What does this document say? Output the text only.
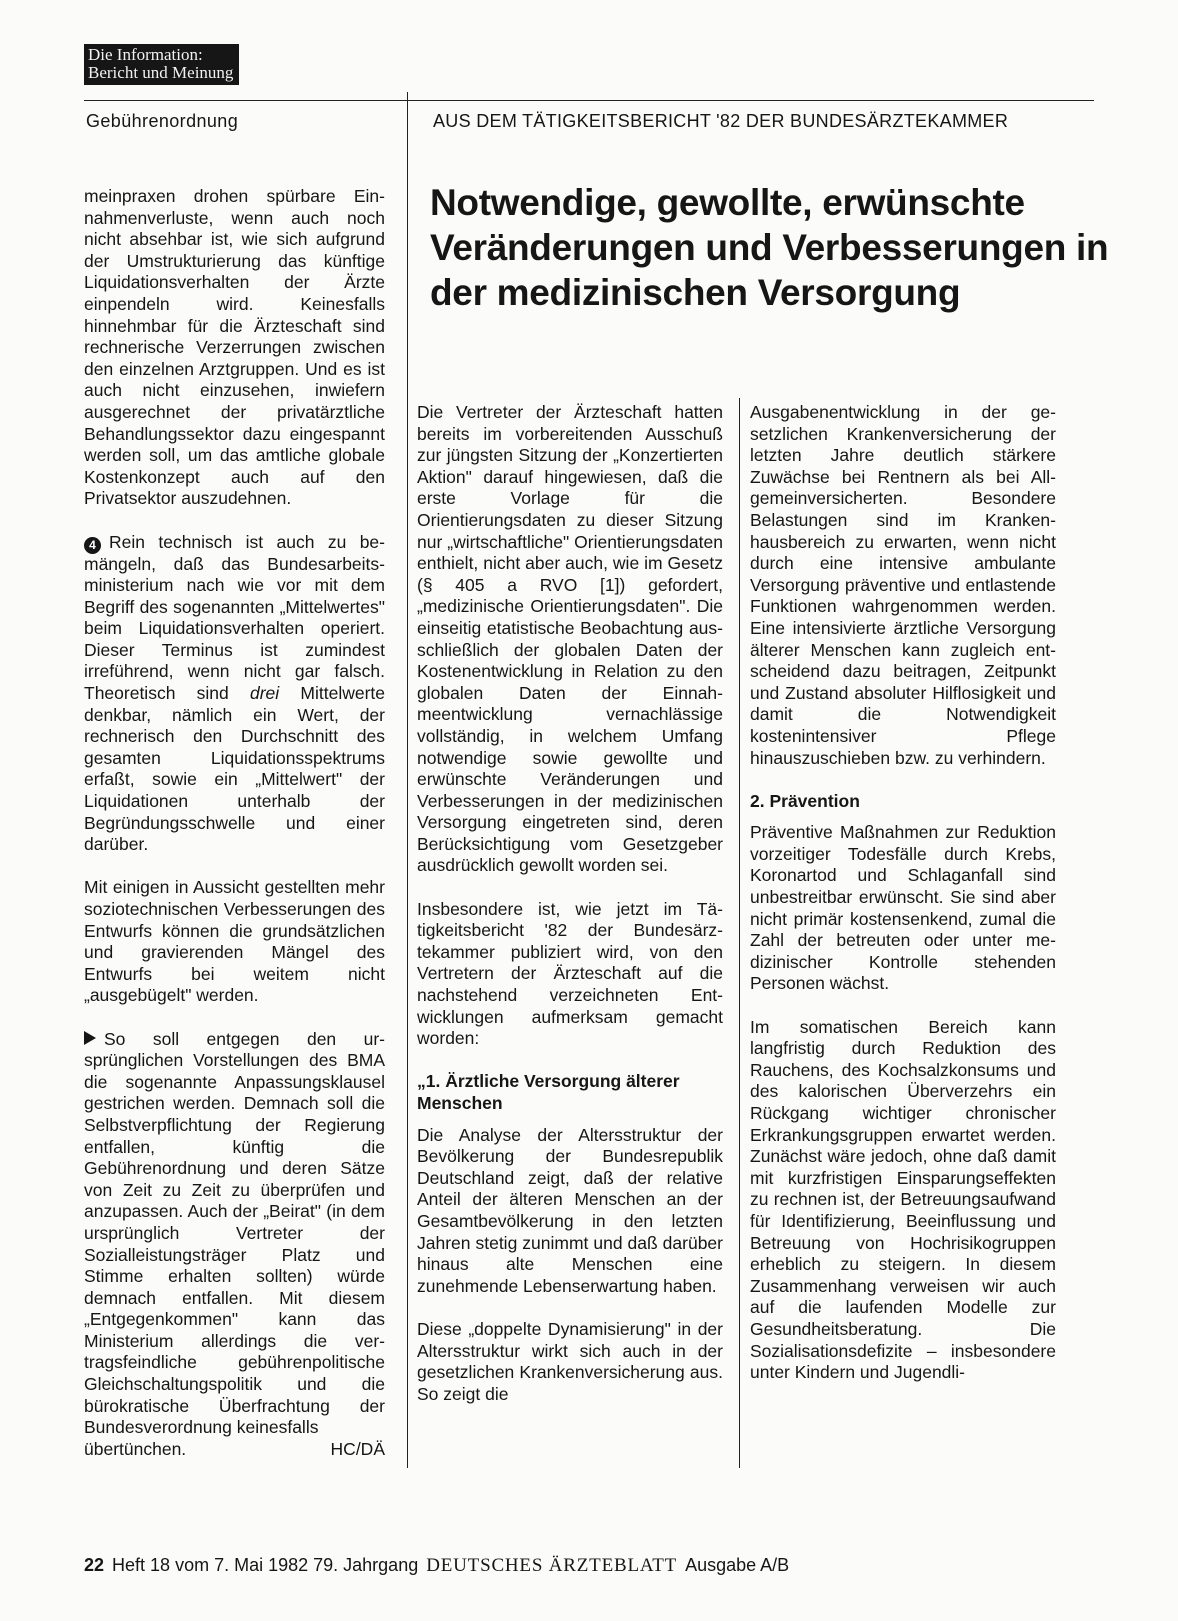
Die Information:
Bericht und Meinung
Gebührenordnung	AUS DEM TÄTIGKEITSBERICHT '82 DER BUNDESÄRZTEKAMMER
Notwendige, gewollte, erwünschte Veränderungen und Verbesserungen in der medizinischen Versorgung

meinpraxen drohen spürbare Einnahmenverluste, wenn auch noch nicht absehbar ist, wie sich aufgrund der Umstrukturierung das künftige Liquidationsverhalten der Ärzte einpendeln wird. Keinesfalls hinnehmbar für die Ärzteschaft sind rechnerische Verzerrungen zwischen den einzelnen Arztgruppen. Und es ist auch nicht einzusehen, inwiefern ausgerechnet der privatärztliche Behandlungssektor dazu eingespannt werden soll, um das amtliche globale Kostenkonzept auch auf den Privatsektor auszudehnen.

4 Rein technisch ist auch zu bemängeln, daß das Bundesarbeitsministerium nach wie vor mit dem Begriff des sogenannten „Mittelwertes" beim Liquidationsverhalten operiert. Dieser Terminus ist zumindest irreführend, wenn nicht gar falsch. Theoretisch sind drei Mittelwerte denkbar, nämlich ein Wert, der rechnerisch den Durchschnitt des gesamten Liquidationsspektrums erfaßt, sowie ein „Mittelwert" der Liquidationen unterhalb der Begründungsschwelle und einer darüber.

Mit einigen in Aussicht gestellten mehr soziotechnischen Verbesserungen des Entwurfs können die grundsätzlichen und gravierenden Mängel des Entwurfs bei weitem nicht „ausgebügelt" werden.

So soll entgegen den ursprünglichen Vorstellungen des BMA die sogenannte Anpassungsklausel gestrichen werden. Demnach soll die Selbstverpflichtung der Regierung entfallen, künftig die Gebührenordnung und deren Sätze von Zeit zu Zeit zu überprüfen und anzupassen. Auch der „Beirat" (in dem ursprünglich Vertreter der Sozialleistungsträger Platz und Stimme erhalten sollten) würde demnach entfallen. Mit diesem „Entgegenkommen" kann das Ministerium allerdings die vertragsfeindliche gebührenpolitische Gleichschaltungspolitik und die bürokratische Überfrachtung der Bundesverordnung keinesfalls

übertünchen.	HC/DÄ

Die Vertreter der Ärzteschaft hatten bereits im vorbereitenden Ausschuß zur jüngsten Sitzung der „Konzertierten Aktion" darauf hingewiesen, daß die erste Vorlage für die Orientierungsdaten zu dieser Sitzung nur „wirtschaftliche" Orientierungsdaten enthielt, nicht aber auch, wie im Gesetz (§ 405 a RVO [1]) gefordert, „medizinische Orientierungsdaten". Die einseitig etatistische Beobachtung ausschließlich der globalen Daten der Kostenentwicklung in Relation zu den globalen Daten der Einnahmeentwicklung vernachlässige vollständig, in welchem Umfang notwendige sowie gewollte und erwünschte Veränderungen und Verbesserungen in der medizinischen Versorgung eingetreten sind, deren Berücksichtigung vom Gesetzgeber ausdrücklich gewollt worden sei.

Insbesondere ist, wie jetzt im Tätigkeitsbericht '82 der Bundesärztekammer publiziert wird, von den Vertretern der Ärzteschaft auf die nachstehend verzeichneten Entwicklungen aufmerksam gemacht worden:

„1. Ärztliche Versorgung älterer Menschen

Die Analyse der Altersstruktur der Bevölkerung der Bundesrepublik Deutschland zeigt, daß der relative Anteil der älteren Menschen an der Gesamtbevölkerung in den letzten Jahren stetig zunimmt und daß darüber hinaus alte Menschen eine zunehmende Lebenserwartung haben.

Diese „doppelte Dynamisierung" in der Altersstruktur wirkt sich auch in der gesetzlichen Krankenversicherung aus. So zeigt die

Ausgabenentwicklung in der gesetzlichen Krankenversicherung der letzten Jahre deutlich stärkere Zuwächse bei Rentnern als bei Allgemeinversicherten. Besondere Belastungen sind im Krankenhausbereich zu erwarten, wenn nicht durch eine intensive ambulante Versorgung präventive und entlastende Funktionen wahrgenommen werden. Eine intensivierte ärztliche Versorgung älterer Menschen kann zugleich entscheidend dazu beitragen, Zeitpunkt und Zustand absoluter Hilflosigkeit und damit die Notwendigkeit kostenintensiver Pflege hinauszuschieben bzw. zu verhindern.

2. Prävention

Präventive Maßnahmen zur Reduktion vorzeitiger Todesfälle durch Krebs, Koronartod und Schlaganfall sind unbestreitbar erwünscht. Sie sind aber nicht primär kostensenkend, zumal die Zahl der betreuten oder unter medizinischer Kontrolle stehenden Personen wächst.

Im somatischen Bereich kann langfristig durch Reduktion des Rauchens, des Kochsalzkonsums und des kalorischen Überverzehrs ein Rückgang wichtiger chronischer Erkrankungsgruppen erwartet werden. Zunächst wäre jedoch, ohne daß damit mit kurzfristigen Einsparungseffekten zu rechnen ist, der Betreuungsaufwand für Identifizierung, Beeinflussung und Betreuung von Hochrisikogruppen erheblich zu steigern. In diesem Zusammenhang verweisen wir auch auf die laufenden Modelle zur Gesundheitsberatung. Die Sozialisationsdefizite – insbesondere unter Kindern und Jugendli-

22 Heft 18 vom 7. Mai 1982 79. Jahrgang DEUTSCHES ÄRZTEBLATT Ausgabe A/B
